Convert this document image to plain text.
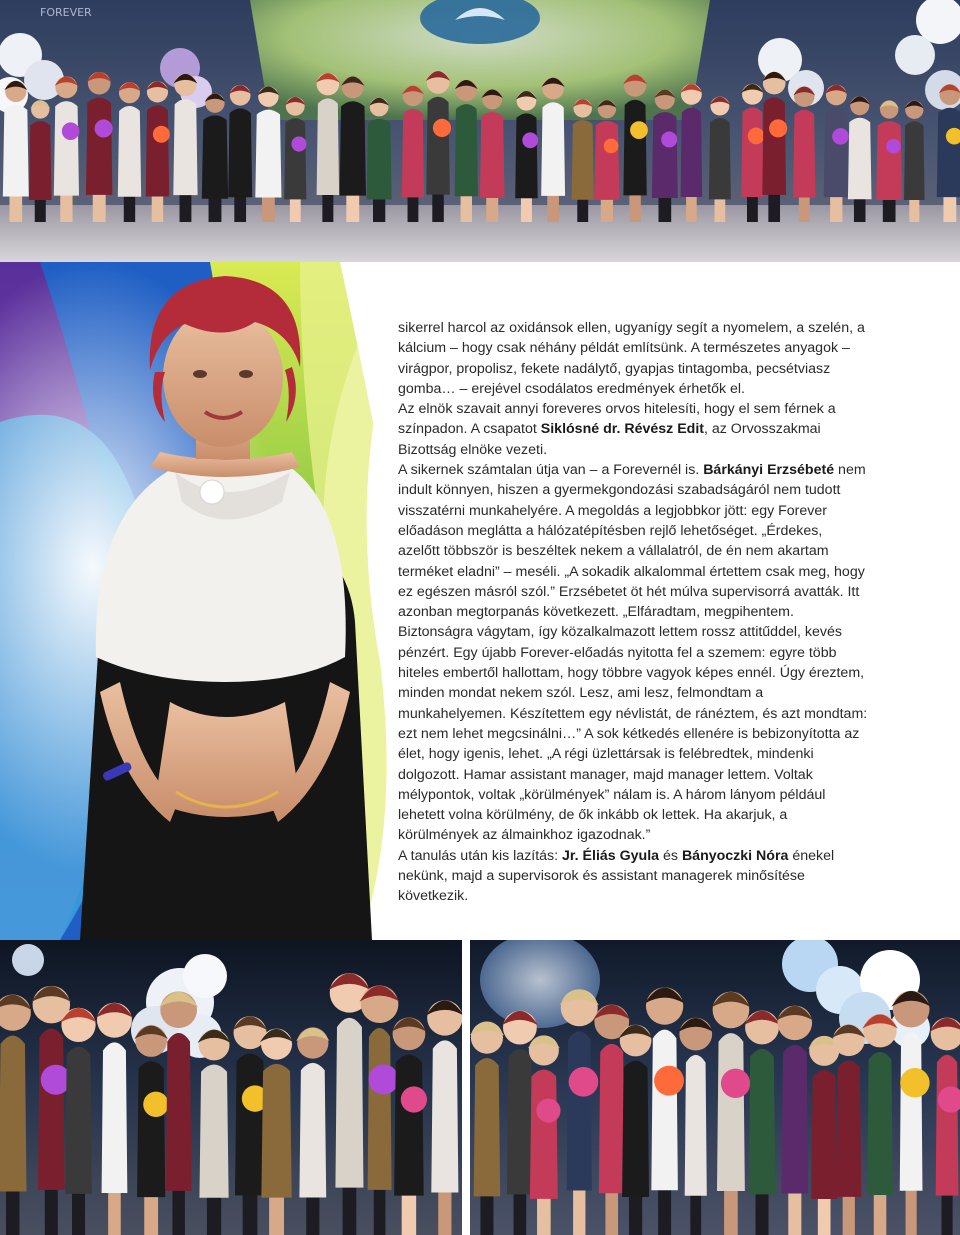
FOREVER

sikerrel harcol az oxidánsok ellen, ugyanígy segít a nyomelem, a szelén, a kálcium – hogy csak néhány példát említsünk. A természetes anyagok – virágpor, propolisz, fekete nadálytő, gyapjas tintagomba, pecsétviasz gomba… – erejével csodálatos eredmények érhetők el.

Az elnök szavait annyi foreveres orvos hitelesíti, hogy el sem férnek a színpadon. A csapatot Siklósné dr. Révész Edit, az Orvosszakmai Bizottság elnöke vezeti.

A sikernek számtalan útja van – a Forevernél is. Bárkányi Erzsébeté nem indult könnyen, hiszen a gyermekgondozási szabadságáról nem tudott visszatérni munkahelyére. A megoldás a legjobbkor jött: egy Forever előadáson meglátta a hálózatépítésben rejlő lehetőséget. „Érdekes, azelőtt többször is beszéltek nekem a vállalatról, de én nem akartam terméket eladni” – meséli. „A sokadik alkalommal értettem csak meg, hogy ez egészen másról szól.” Erzsébetet öt hét múlva supervisorrá avatták. Itt azonban megtorpanás következett. „Elfáradtam, megpihentem. Biztonságra vágytam, így közalkalmazott lettem rossz attitűddel, kevés pénzért. Egy újabb Forever-előadás nyitotta fel a szemem: egyre több hiteles embertől hallottam, hogy többre vagyok képes ennél. Úgy éreztem, minden mondat nekem szól. Lesz, ami lesz, felmondtam a munkahelyemen. Készítettem egy névlistát, de ránéztem, és azt mondtam: ezt nem lehet megcsinálni…” A sok kétkedés ellenére is bebizonyította az élet, hogy igenis, lehet. „A régi üzlettársak is felébredtek, mindenki dolgozott. Hamar assistant manager, majd manager lettem. Voltak mélypontok, voltak „körülmények” nálam is. A három lányom például lehetett volna körülmény, de ők inkább ok lettek. Ha akarjuk, a körülmények az álmainkhoz igazodnak.”

A tanulás után kis lazítás: Jr. Éliás Gyula és Bányoczki Nóra énekel nekünk, majd a supervisorok és assistant managerek minősítése következik.
